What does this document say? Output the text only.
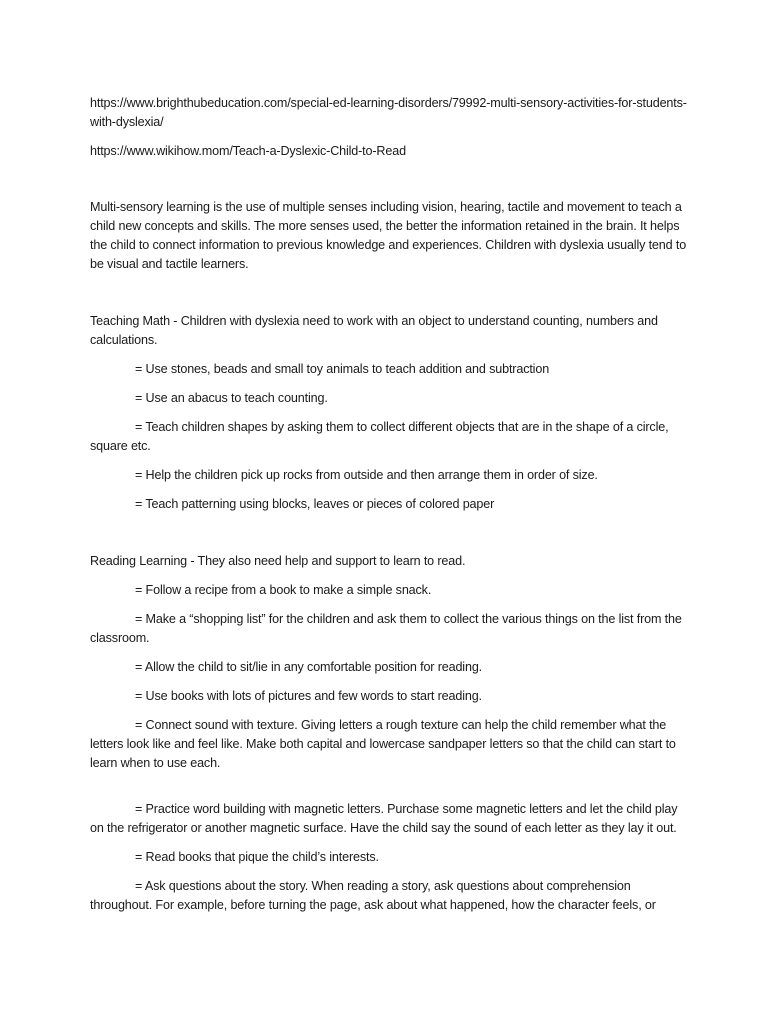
https://www.brighthubeducation.com/special-ed-learning-disorders/79992-multi-sensory-activities-for-students-with-dyslexia/

https://www.wikihow.mom/Teach-a-Dyslexic-Child-to-Read

Multi-sensory learning is the use of multiple senses including vision, hearing, tactile and movement to teach a child new concepts and skills. The more senses used, the better the information retained in the brain. It helps the child to connect information to previous knowledge and experiences. Children with dyslexia usually tend to be visual and tactile learners.

Teaching Math - Children with dyslexia need to work with an object to understand counting, numbers and calculations.

= Use stones, beads and small toy animals to teach addition and subtraction

= Use an abacus to teach counting.

= Teach children shapes by asking them to collect different objects that are in the shape of a circle, square etc.

= Help the children pick up rocks from outside and then arrange them in order of size.

= Teach patterning using blocks, leaves or pieces of colored paper

Reading Learning - They also need help and support to learn to read.

= Follow a recipe from a book to make a simple snack.

= Make a “shopping list” for the children and ask them to collect the various things on the list from the classroom.

= Allow the child to sit/lie in any comfortable position for reading.

= Use books with lots of pictures and few words to start reading.

= Connect sound with texture. Giving letters a rough texture can help the child remember what the letters look like and feel like. Make both capital and lowercase sandpaper letters so that the child can start to learn when to use each.

= Practice word building with magnetic letters. Purchase some magnetic letters and let the child play on the refrigerator or another magnetic surface. Have the child say the sound of each letter as they lay it out.

= Read books that pique the child’s interests.

= Ask questions about the story. When reading a story, ask questions about comprehension throughout. For example, before turning the page, ask about what happened, how the character feels, or
